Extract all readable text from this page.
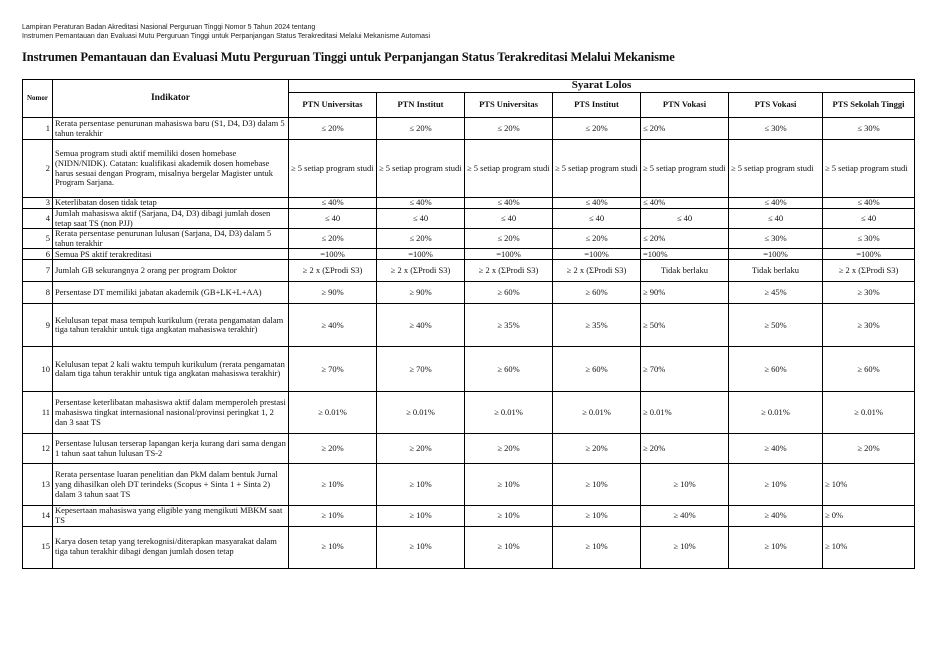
Lampiran Peraturan Badan Akreditasi Nasional Perguruan Tinggi Nomor 5 Tahun 2024 tentang
Instrumen Pemantauan dan Evaluasi Mutu Perguruan Tinggi untuk Perpanjangan Status Terakreditasi Melalui Mekanisme Automasi
Instrumen Pemantauan dan Evaluasi Mutu Perguruan Tinggi untuk Perpanjangan Status Terakreditasi Melalui Mekanisme
Nomor	Indikator	Syarat Lolos						
		PTN Universitas	PTN Institut	PTS Universitas	PTS Institut	PTN Vokasi	PTS Vokasi	PTS Sekolah Tinggi
1	Rerata persentase penurunan mahasiswa baru (S1, D4, D3) dalam 5 tahun terakhir	≤ 20%	≤ 20%	≤ 20%	≤ 20%	≤ 20%	≤ 30%	≤ 30%
2	Semua program studi aktif memiliki dosen homebase (NIDN/NIDK). Catatan: kualifikasi akademik dosen homebase harus sesuai dengan Program, misalnya bergelar Magister untuk Program Sarjana.	≥ 5 setiap program studi	≥ 5 setiap program studi	≥ 5 setiap program studi	≥ 5 setiap program studi	≥ 5 setiap program studi	≥ 5 setiap program studi	≥ 5 setiap program studi
3	Keterlibatan dosen tidak tetap	≤ 40%	≤ 40%	≤ 40%	≤ 40%	≤ 40%	≤ 40%	≤ 40%
4	Jumlah mahasiswa aktif (Sarjana, D4, D3) dibagi jumlah dosen tetap saat TS (non PJJ)	≤ 40	≤ 40	≤ 40	≤ 40	≤ 40	≤ 40	≤ 40
5	Rerata persentase penurunan lulusan (Sarjana, D4, D3) dalam 5 tahun terakhir	≤ 20%	≤ 20%	≤ 20%	≤ 20%	≤ 20%	≤ 30%	≤ 30%
6	Semua PS aktif terakreditasi	=100%	=100%	=100%	=100%	=100%	=100%	=100%
7	Jumlah GB sekurangnya 2 orang per program Doktor	≥ 2 x (ΣProdi S3)	≥ 2 x (ΣProdi S3)	≥ 2 x (ΣProdi S3)	≥ 2 x (ΣProdi S3)	Tidak berlaku	Tidak berlaku	≥ 2 x (ΣProdi S3)
8	Persentase DT memiliki jabatan akademik (GB+LK+L+AA)	≥ 90%	≥ 90%	≥ 60%	≥ 60%	≥ 90%	≥ 45%	≥ 30%
9	Kelulusan tepat masa tempuh kurikulum (rerata pengamatan dalam tiga tahun terakhir untuk tiga angkatan mahasiswa terakhir)	≥ 40%	≥ 40%	≥ 35%	≥ 35%	≥ 50%	≥ 50%	≥ 30%
10	Kelulusan tepat 2 kali waktu tempuh kurikulum (rerata pengamatan dalam tiga tahun terakhir untuk tiga angkatan mahasiswa terakhir)	≥ 70%	≥ 70%	≥ 60%	≥ 60%	≥ 70%	≥ 60%	≥ 60%
11	Persentase keterlibatan mahasiswa aktif dalam memperoleh prestasi mahasiswa tingkat internasional nasional/provinsi peringkat 1, 2 dan 3 saat TS	≥ 0.01%	≥ 0.01%	≥ 0.01%	≥ 0.01%	≥ 0.01%	≥ 0.01%	≥ 0.01%
12	Persentase lulusan terserap lapangan kerja kurang dari sama dengan 1 tahun saat tahun lulusan TS-2	≥ 20%	≥ 20%	≥ 20%	≥ 20%	≥ 20%	≥ 40%	≥ 20%
13	Rerata persentase luaran penelitian dan PkM dalam bentuk Jurnal yang dihasilkan oleh DT terindeks (Scopus + Sinta 1 + Sinta 2) dalam 3 tahun saat TS	≥ 10%	≥ 10%	≥ 10%	≥ 10%	≥ 10%	≥ 10%	≥ 10%
14	Kepesertaan mahasiswa yang eligible yang mengikuti MBKM saat TS	≥ 10%	≥ 10%	≥ 10%	≥ 10%	≥ 40%	≥ 40%	≥ 0%
15	Karya dosen tetap yang terekognisi/diterapkan masyarakat dalam tiga tahun terakhir dibagi dengan jumlah dosen tetap	≥ 10%	≥ 10%	≥ 10%	≥ 10%	≥ 10%	≥ 10%	≥ 10%
